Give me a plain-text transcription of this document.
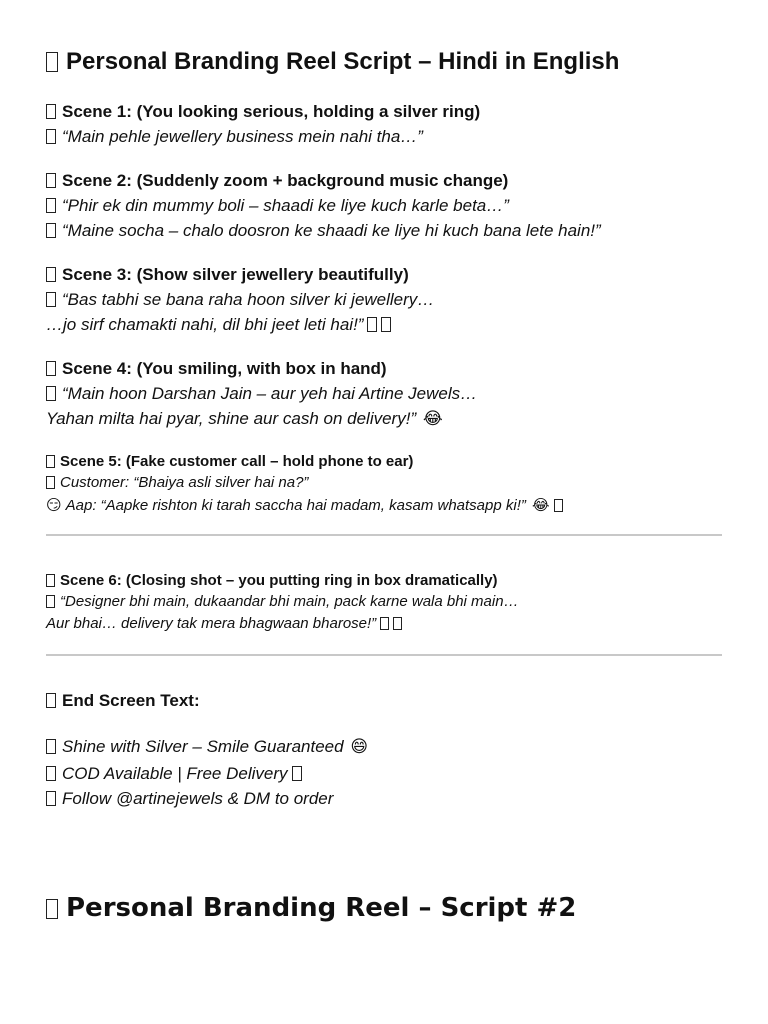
Personal Branding Reel Script – Hindi in English
Scene 1: (You looking serious, holding a silver ring)
“Main pehle jewellery business mein nahi tha…”
Scene 2: (Suddenly zoom + background music change)
“Phir ek din mummy boli – shaadi ke liye kuch karle beta…”
“Maine socha – chalo doosron ke shaadi ke liye hi kuch bana lete hain!”
Scene 3: (Show silver jewellery beautifully)
“Bas tabhi se bana raha hoon silver ki jewellery…
…jo sirf chamakti nahi, dil bhi jeet leti hai!”
Scene 4: (You smiling, with box in hand)
“Main hoon Darshan Jain – aur yeh hai Artine Jewels…
Yahan milta hai pyar, shine aur cash on delivery!” 😂
Scene 5: (Fake customer call – hold phone to ear)
Customer: “Bhaiya asli silver hai na?”
😏 Aap: “Aapke rishton ki tarah saccha hai madam, kasam whatsapp ki!” 😂
Scene 6: (Closing shot – you putting ring in box dramatically)
“Designer bhi main, dukaandar bhi main, pack karne wala bhi main…
Aur bhai… delivery tak mera bhagwaan bharose!”
End Screen Text:
Shine with Silver – Smile Guaranteed 😄
COD Available | Free Delivery
Follow @artinejewels & DM to order
Personal Branding Reel – Script #2
